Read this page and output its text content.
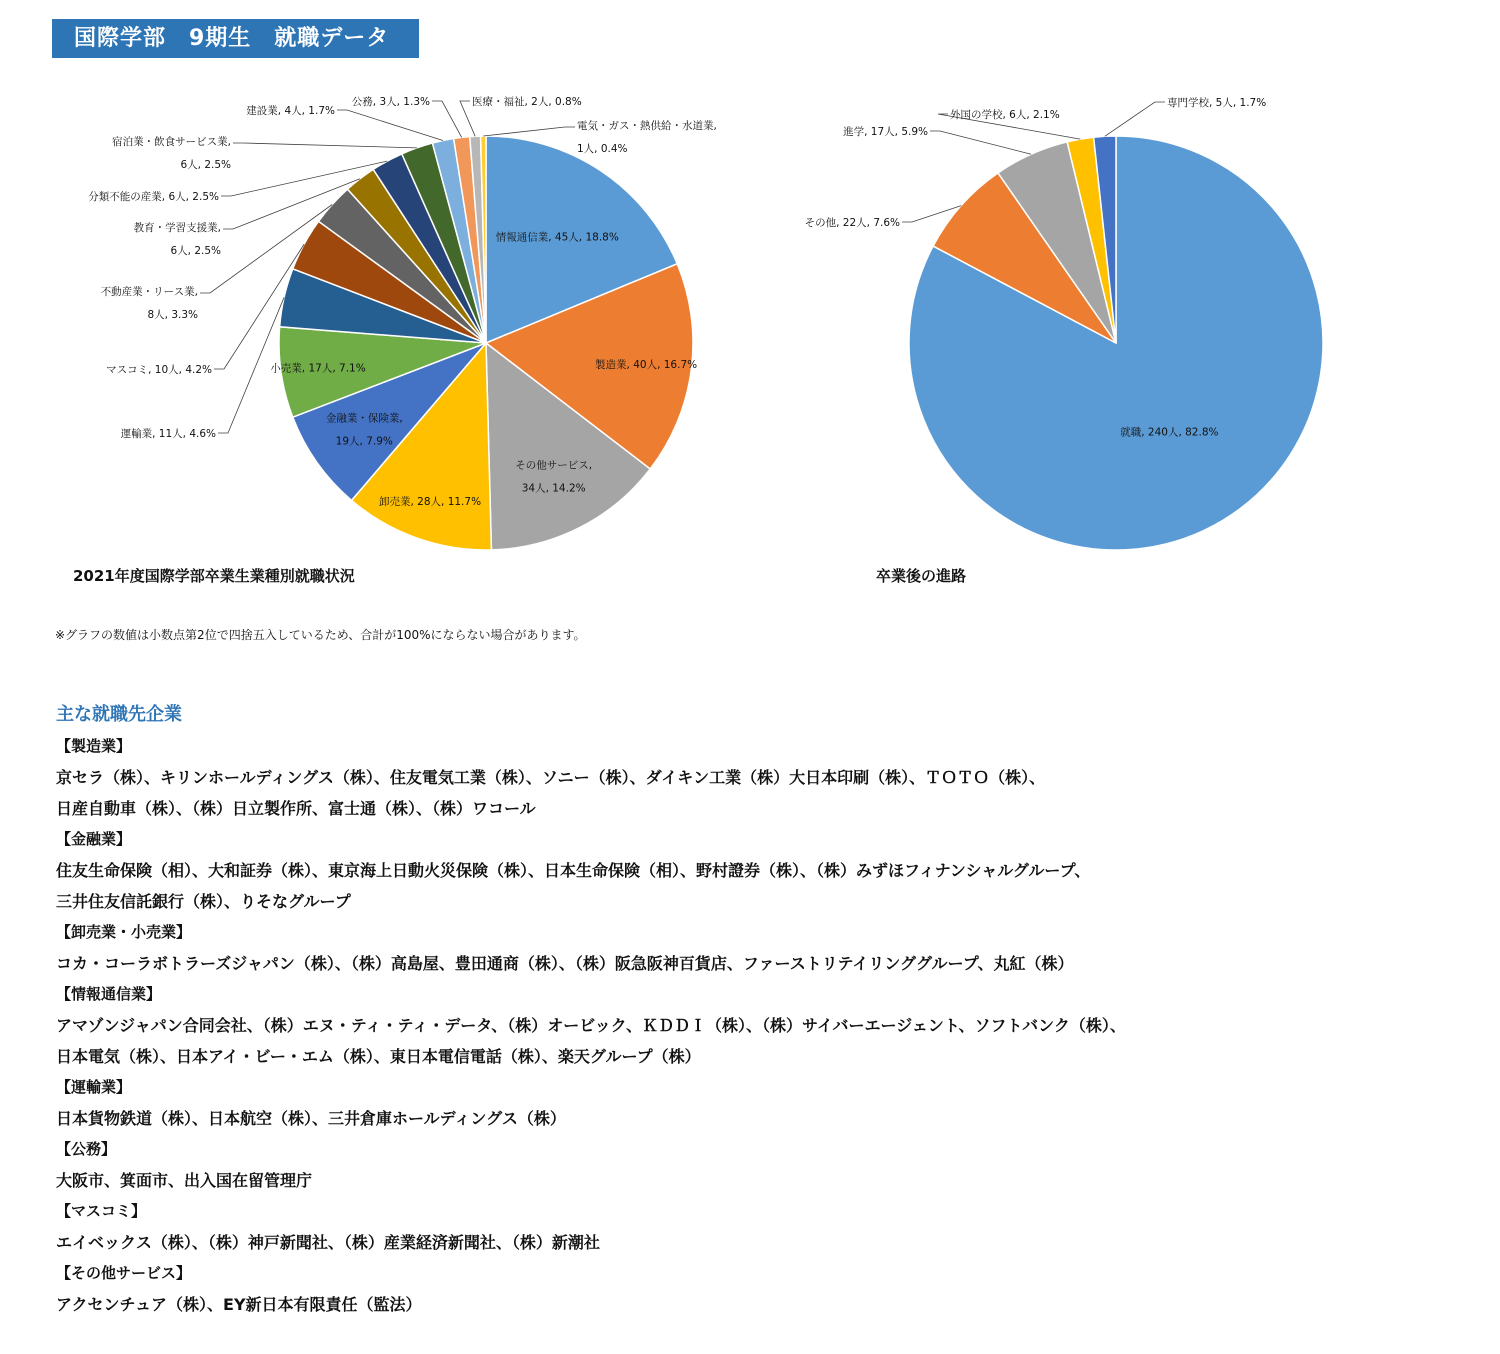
国際学部　9期生　就職データ
情報通信業, 45人, 18.8%
製造業, 40人, 16.7%
その他サービス,
34人, 14.2%
卸売業, 28人, 11.7%
金融業・保険業,
19人, 7.9%
小売業, 17人, 7.1%
運輸業, 11人, 4.6%
マスコミ, 10人, 4.2%
不動産業・リース業,
8人, 3.3%
教育・学習支援業,
6人, 2.5%
分類不能の産業, 6人, 2.5%
宿泊業・飲食サービス業,
6人, 2.5%
建設業, 4人, 1.7%
公務, 3人, 1.3%	医療・福祉, 2人, 0.8%
電気・ガス・熱供給・水道業,
1人, 0.4%
就職, 240人, 82.8%
その他, 22人, 7.6%
進学, 17人, 5.9%
外国の学校, 6人, 2.1%
専門学校, 5人, 1.7%
2021年度国際学部卒業生業種別就職状況	卒業後の進路
※グラフの数値は小数点第2位で四捨五入しているため、合計が100%にならない場合があります。
主な就職先企業
【製造業】
京セラ（株）、キリンホールディングス（株）、住友電気工業（株）、ソニー（株）、ダイキン工業（株）大日本印刷（株）、ＴＯＴＯ（株）、
日産自動車（株）、（株）日立製作所、富士通（株）、（株）ワコール
【金融業】
住友生命保険（相）、大和証券（株）、東京海上日動火災保険（株）、日本生命保険（相）、野村證券（株）、（株）みずほフィナンシャルグループ、
三井住友信託銀行（株）、りそなグループ
【卸売業・小売業】
コカ・コーラボトラーズジャパン（株）、（株）高島屋、豊田通商（株）、（株）阪急阪神百貨店、ファーストリテイリンググループ、丸紅（株）
【情報通信業】
アマゾンジャパン合同会社、（株）エヌ・ティ・ティ・データ、（株）オービック、ＫＤＤＩ（株）、（株）サイバーエージェント、ソフトバンク（株）、
日本電気（株）、日本アイ・ビー・エム（株）、東日本電信電話（株）、楽天グループ（株）
【運輸業】
日本貨物鉄道（株）、日本航空（株）、三井倉庫ホールディングス（株）
【公務】
大阪市、箕面市、出入国在留管理庁
【マスコミ】
エイベックス（株）、（株）神戸新聞社、（株）産業経済新聞社、（株）新潮社
【その他サービス】
アクセンチュア（株）、EY新日本有限責任（監法）
